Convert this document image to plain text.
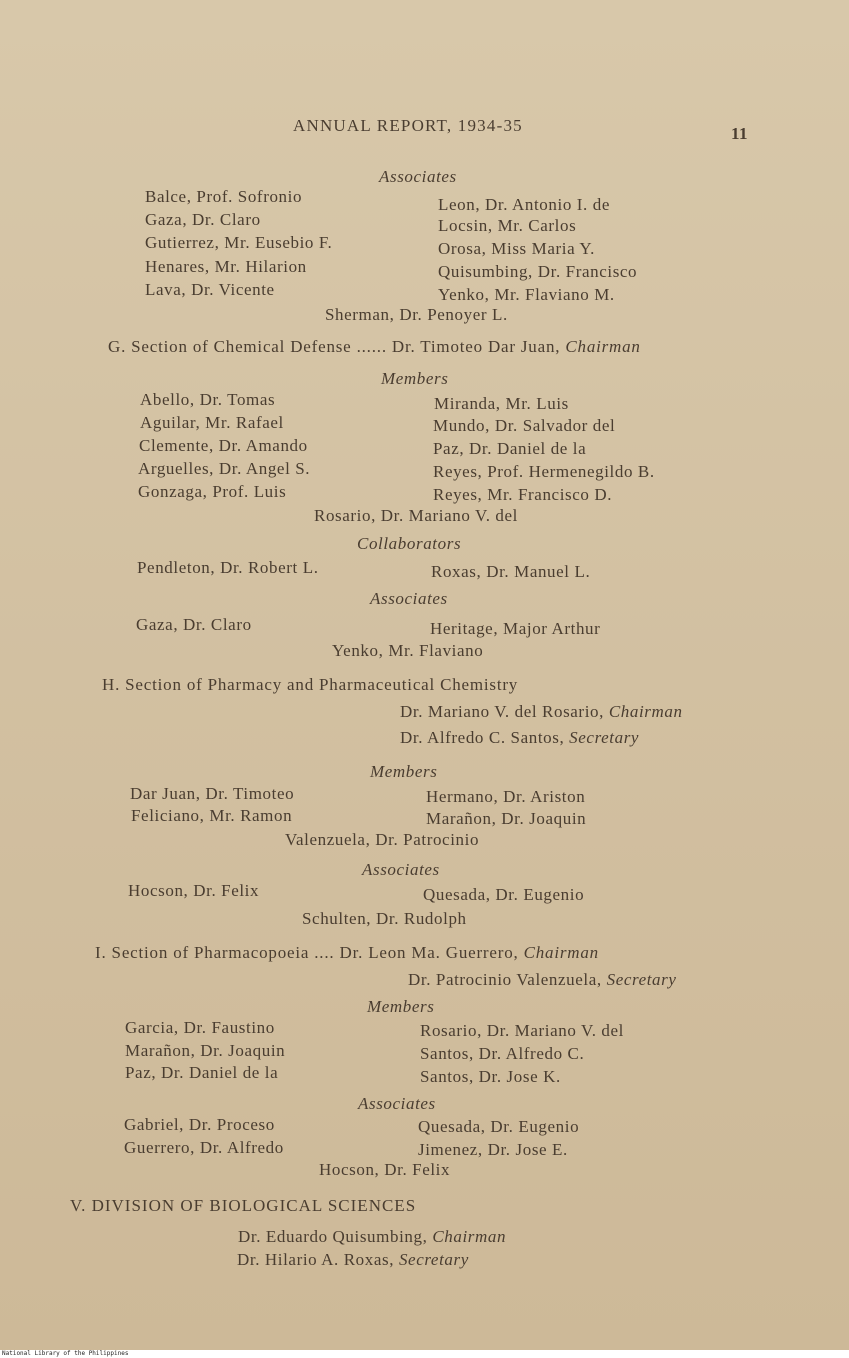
ANNUAL REPORT, 1934-35	11
Associates
Balce, Prof. Sofronio
Gaza, Dr. Claro
Gutierrez, Mr. Eusebio F.
Henares, Mr. Hilarion
Lava, Dr. Vicente
Leon, Dr. Antonio I. de
Locsin, Mr. Carlos
Orosa, Miss Maria Y.
Quisumbing, Dr. Francisco
Yenko, Mr. Flaviano M.
Sherman, Dr. Penoyer L.
G. Section of Chemical Defense ...... Dr. Timoteo Dar Juan, Chairman
Members
Abello, Dr. Tomas
Aguilar, Mr. Rafael
Clemente, Dr. Amando
Arguelles, Dr. Angel S.
Gonzaga, Prof. Luis
Miranda, Mr. Luis
Mundo, Dr. Salvador del
Paz, Dr. Daniel de la
Reyes, Prof. Hermenegildo B.
Reyes, Mr. Francisco D.
Rosario, Dr. Mariano V. del
Collaborators
Pendleton, Dr. Robert L.	Roxas, Dr. Manuel L.
Associates
Gaza, Dr. Claro	Heritage, Major Arthur
Yenko, Mr. Flaviano
H. Section of Pharmacy and Pharmaceutical Chemistry
Dr. Mariano V. del Rosario, Chairman
Dr. Alfredo C. Santos, Secretary
Members
Dar Juan, Dr. Timoteo
Feliciano, Mr. Ramon
Hermano, Dr. Ariston
Marañon, Dr. Joaquin
Valenzuela, Dr. Patrocinio
Associates
Hocson, Dr. Felix	Quesada, Dr. Eugenio
Schulten, Dr. Rudolph
I. Section of Pharmacopoeia .... Dr. Leon Ma. Guerrero, Chairman
Dr. Patrocinio Valenzuela, Secretary
Members
Garcia, Dr. Faustino
Marañon, Dr. Joaquin
Paz, Dr. Daniel de la
Rosario, Dr. Mariano V. del
Santos, Dr. Alfredo C.
Santos, Dr. Jose K.
Associates
Gabriel, Dr. Proceso
Guerrero, Dr. Alfredo
Quesada, Dr. Eugenio
Jimenez, Dr. Jose E.
Hocson, Dr. Felix
V. DIVISION OF BIOLOGICAL SCIENCES
Dr. Eduardo Quisumbing, Chairman
Dr. Hilario A. Roxas, Secretary
National Library of the Philippines
